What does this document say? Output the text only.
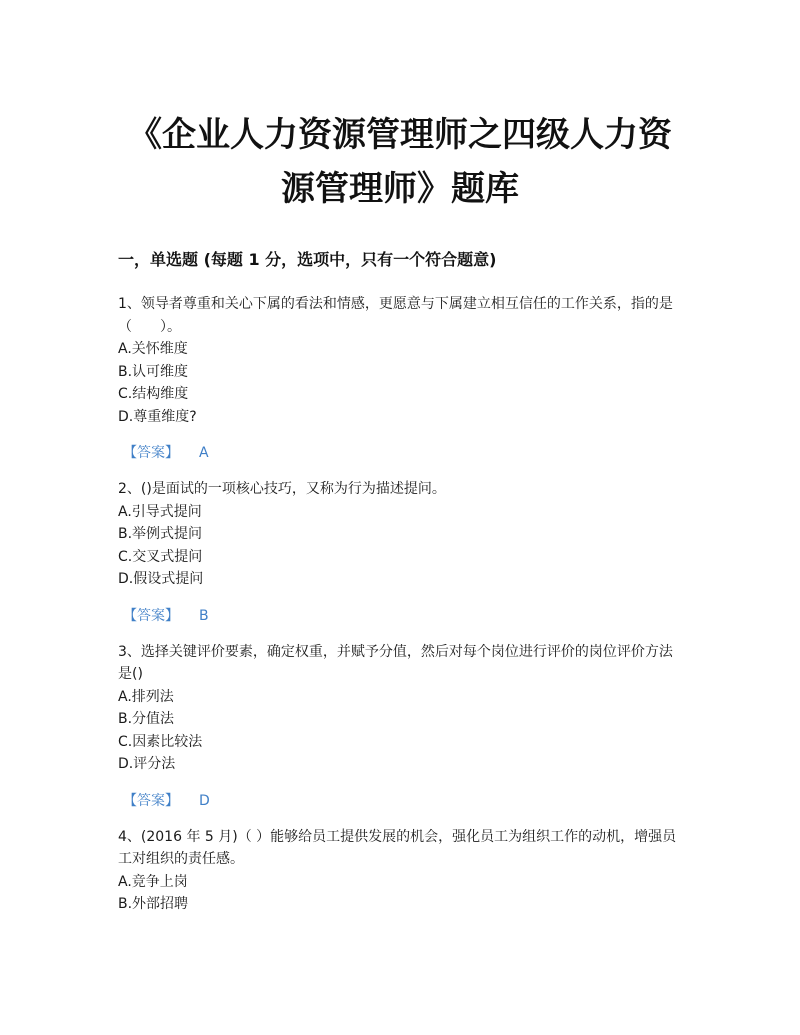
《企业人力资源管理师之四级人力资
源管理师》题库
一，单选题 (每题 1 分，选项中，只有一个符合题意)

1、领导者尊重和关心下属的看法和情感，更愿意与下属建立相互信任的工作关系，指的是（　　）。

A.关怀维度

B.认可维度

C.结构维度

D.尊重维度?

【答案】 A

2、()是面试的一项核心技巧，又称为行为描述提问。

A.引导式提问

B.举例式提问

C.交叉式提问

D.假设式提问

【答案】 B

3、选择关键评价要素，确定权重，并赋予分值，然后对每个岗位进行评价的岗位评价方法是()

A.排列法

B.分值法

C.因素比较法

D.评分法

【答案】 D

4、(2016 年 5 月)（ ）能够给员工提供发展的机会，强化员工为组织工作的动机，增强员工对组织的责任感。

A.竞争上岗

B.外部招聘
